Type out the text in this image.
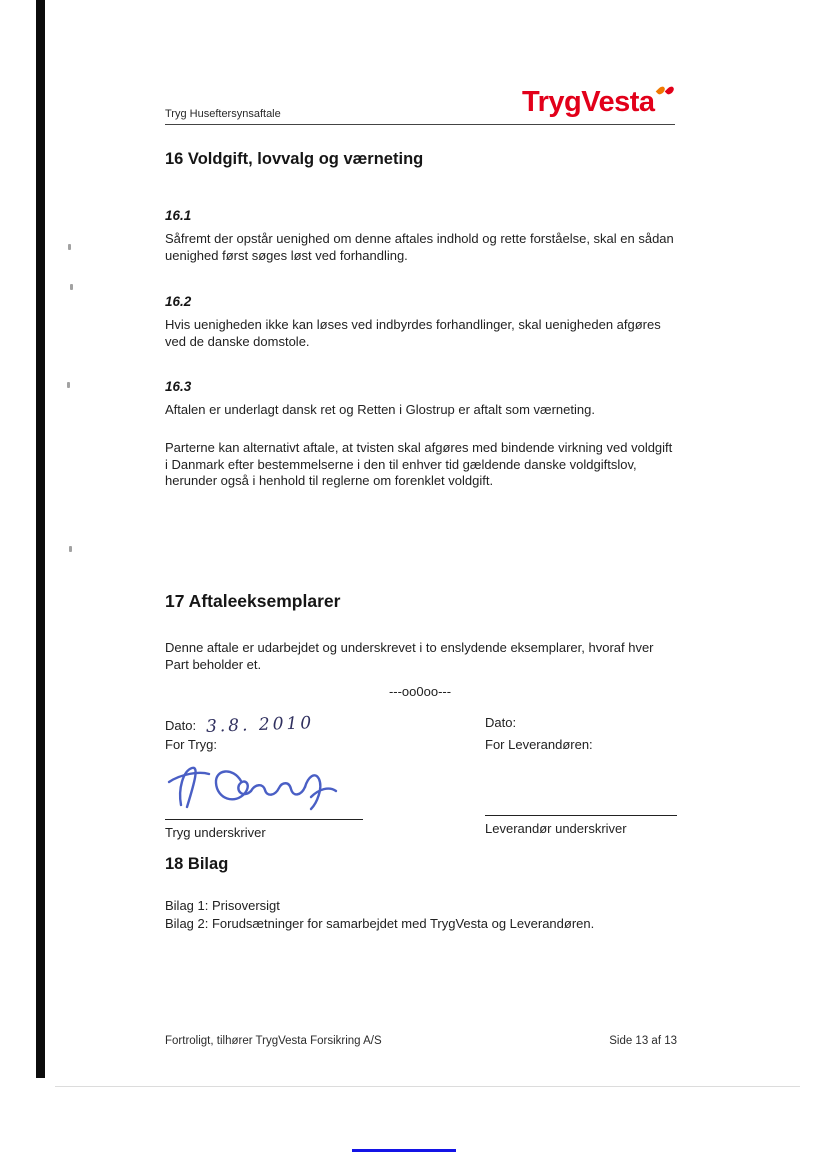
Tryg Huseftersynsaftale	TrygVesta
16 Voldgift, lovvalg og værneting
16.1
Såfremt der opstår uenighed om denne aftales indhold og rette forståelse, skal en sådan uenighed først søges løst ved forhandling.
16.2
Hvis uenigheden ikke kan løses ved indbyrdes forhandlinger, skal uenigheden afgøres ved de danske domstole.
16.3
Aftalen er underlagt dansk ret og Retten i Glostrup er aftalt som værneting.
Parterne kan alternativt aftale, at tvisten skal afgøres med bindende virkning ved voldgift i Danmark efter bestemmelserne i den til enhver tid gældende danske voldgiftslov, herunder også i henhold til reglerne om forenklet voldgift.
17 Aftaleeksemplarer
Denne aftale er udarbejdet og underskrevet i to enslydende eksemplarer, hvoraf hver Part beholder et.
---oo0oo---
Dato: 3.8. 2010
For Tryg:
Tryg underskriver
Dato:
For Leverandøren:
Leverandør underskriver
18 Bilag
Bilag 1: Prisoversigt
Bilag 2: Forudsætninger for samarbejdet med TrygVesta og Leverandøren.
Fortroligt, tilhører TrygVesta Forsikring A/S	Side 13 af 13
